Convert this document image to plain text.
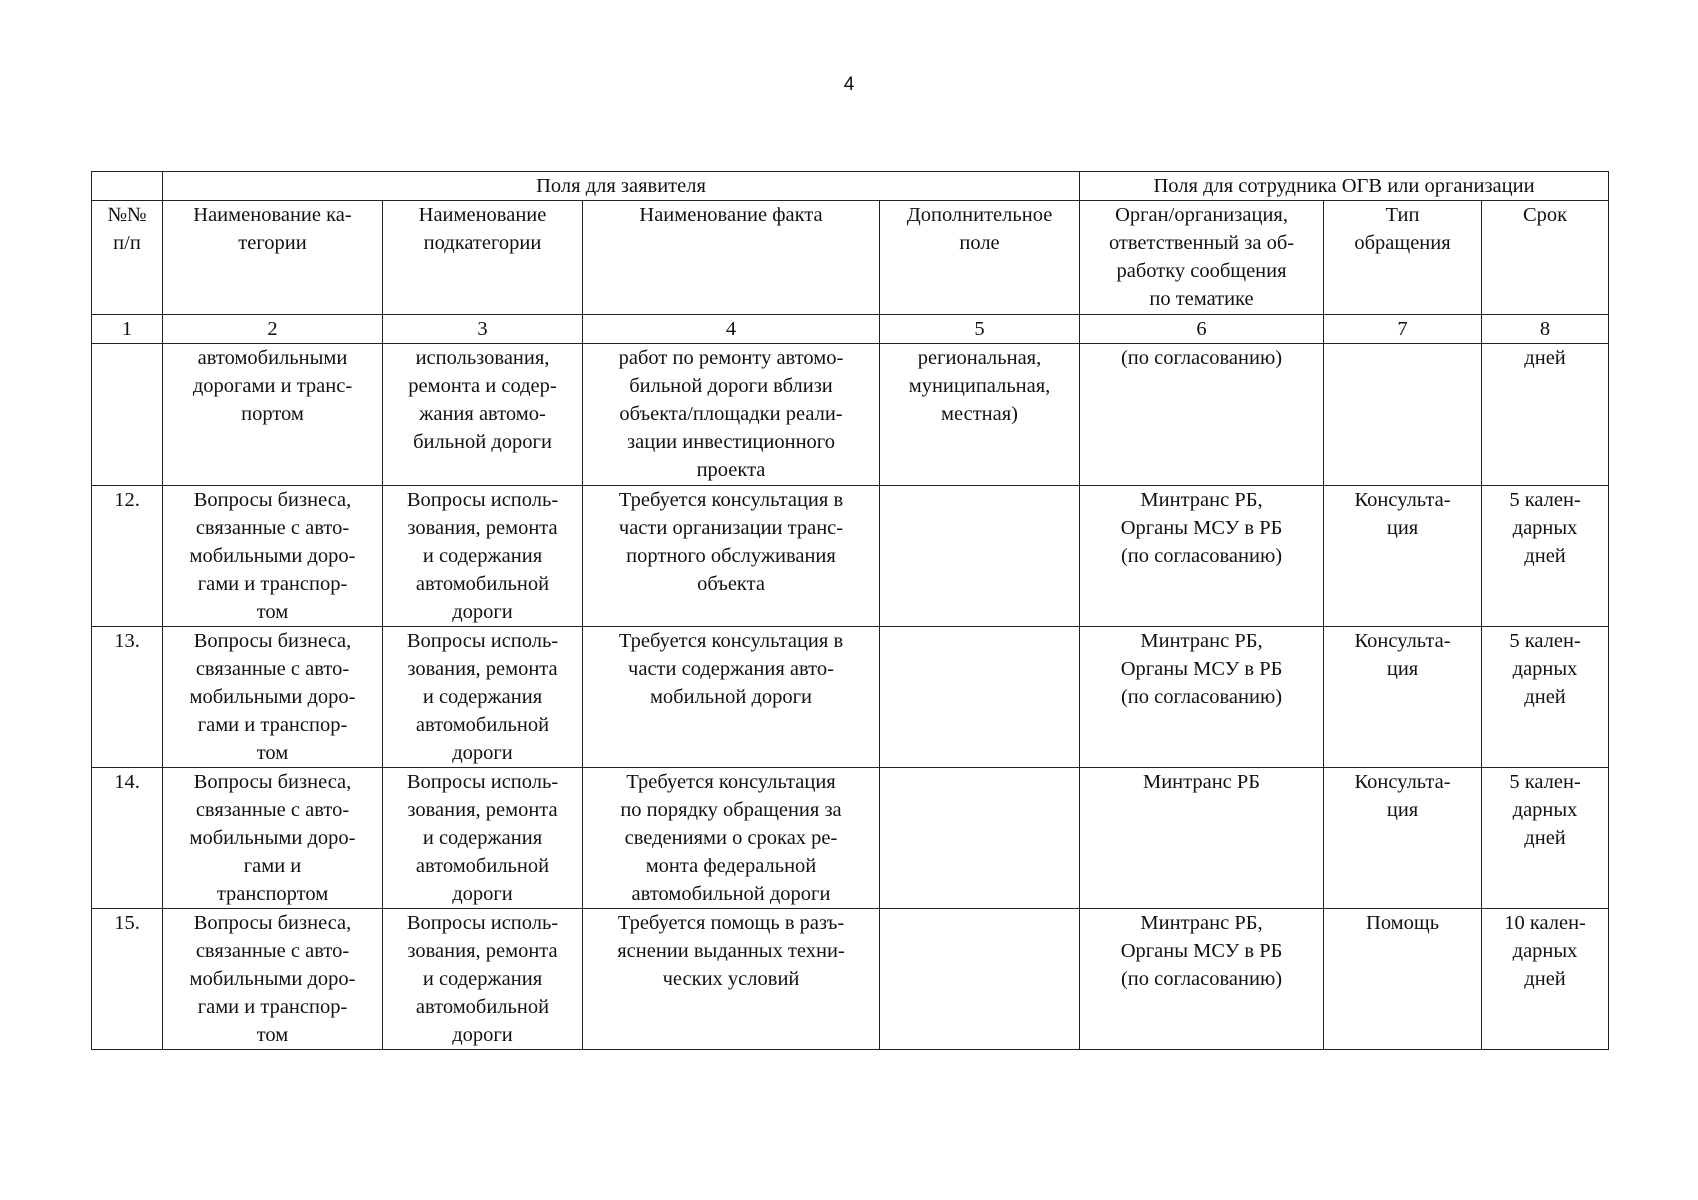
4
	Поля для заявителя				Поля для сотрудника ОГВ или организации		
№№
п/п	Наименование ка-
тегории	Наименование
подкатегории	Наименование факта	Дополнительное
поле	Орган/организация,
ответственный за об-
работку сообщения
по тематике	Тип
обращения	Срок
1	2	3	4	5	6	7	8
	автомобильными
дорогами и транс-
портом	использования,
ремонта и содер-
жания автомо-
бильной дороги	работ по ремонту автомо-
бильной дороги вблизи
объекта/площадки реали-
зации инвестиционного
проекта	региональная,
муниципальная,
местная)	(по согласованию)		дней
12.	Вопросы бизнеса,
связанные с авто-
мобильными доро-
гами и транспор-
том	Вопросы исполь-
зования, ремонта
и содержания
автомобильной
дороги	Требуется консультация в
части организации транс-
портного обслуживания
объекта		Минтранс РБ,
Органы МСУ в РБ
(по согласованию)	Консульта-
ция	5 кален-
дарных
дней
13.	Вопросы бизнеса,
связанные с авто-
мобильными доро-
гами и транспор-
том	Вопросы исполь-
зования, ремонта
и содержания
автомобильной
дороги	Требуется консультация в
части содержания авто-
мобильной дороги		Минтранс РБ,
Органы МСУ в РБ
(по согласованию)	Консульта-
ция	5 кален-
дарных
дней
14.	Вопросы бизнеса,
связанные с авто-
мобильными доро-
гами и
транспортом	Вопросы исполь-
зования, ремонта
и содержания
автомобильной
дороги	Требуется консультация
по порядку обращения за
сведениями о сроках ре-
монта федеральной
автомобильной дороги		Минтранс РБ	Консульта-
ция	5 кален-
дарных
дней
15.	Вопросы бизнеса,
связанные с авто-
мобильными доро-
гами и транспор-
том	Вопросы исполь-
зования, ремонта
и содержания
автомобильной
дороги	Требуется помощь в разъ-
яснении выданных техни-
ческих условий		Минтранс РБ,
Органы МСУ в РБ
(по согласованию)	Помощь	10 кален-
дарных
дней
